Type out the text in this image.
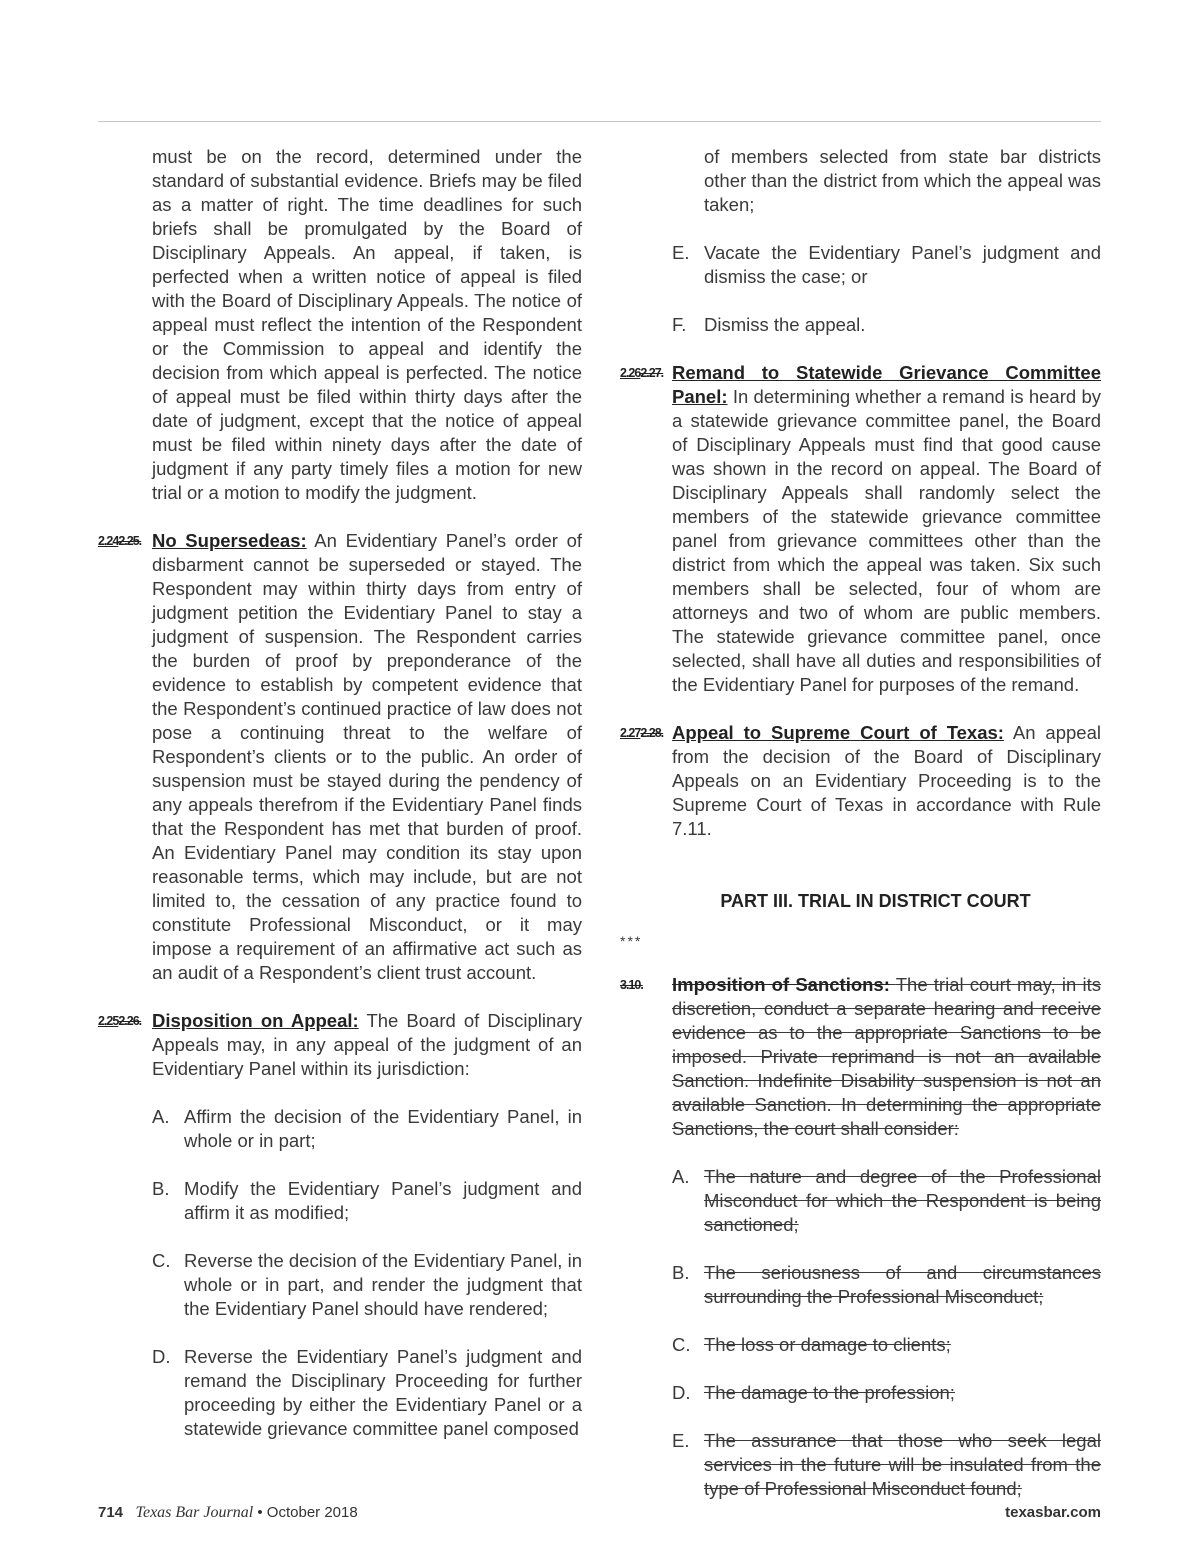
must be on the record, determined under the standard of substantial evidence. Briefs may be filed as a matter of right. The time deadlines for such briefs shall be promulgated by the Board of Disciplinary Appeals. An appeal, if taken, is perfected when a written notice of appeal is filed with the Board of Disciplinary Appeals. The notice of appeal must reflect the intention of the Respondent or the Commission to appeal and identify the decision from which appeal is perfected. The notice of appeal must be filed within thirty days after the date of judgment, except that the notice of appeal must be filed within ninety days after the date of judgment if any party timely files a motion for new trial or a motion to modify the judgment.

2.242.25. No Supersedeas: An Evidentiary Panel’s order of disbarment cannot be superseded or stayed. The Respondent may within thirty days from entry of judgment petition the Evidentiary Panel to stay a judgment of suspension. The Respondent carries the burden of proof by preponderance of the evidence to establish by competent evidence that the Respondent’s continued practice of law does not pose a continuing threat to the welfare of Respondent’s clients or to the public. An order of suspension must be stayed during the pendency of any appeals therefrom if the Evidentiary Panel finds that the Respondent has met that burden of proof. An Evidentiary Panel may condition its stay upon reasonable terms, which may include, but are not limited to, the cessation of any practice found to constitute Professional Misconduct, or it may impose a requirement of an affirmative act such as an audit of a Respondent’s client trust account.

2.252.26. Disposition on Appeal: The Board of Disciplinary Appeals may, in any appeal of the judgment of an Evidentiary Panel within its jurisdiction:

A. Affirm the decision of the Evidentiary Panel, in whole or in part;
B. Modify the Evidentiary Panel’s judgment and affirm it as modified;
C. Reverse the decision of the Evidentiary Panel, in whole or in part, and render the judgment that the Evidentiary Panel should have rendered;
D. Reverse the Evidentiary Panel’s judgment and remand the Disciplinary Proceeding for further proceeding by either the Evidentiary Panel or a statewide grievance committee panel composed
of members selected from state bar districts other than the district from which the appeal was taken;
E. Vacate the Evidentiary Panel’s judgment and dismiss the case; or
F. Dismiss the appeal.
2.262.27. Remand to Statewide Grievance Committee Panel: In determining whether a remand is heard by a statewide grievance committee panel, the Board of Disciplinary Appeals must find that good cause was shown in the record on appeal. The Board of Disciplinary Appeals shall randomly select the members of the statewide grievance committee panel from grievance committees other than the district from which the appeal was taken. Six such members shall be selected, four of whom are attorneys and two of whom are public members. The statewide grievance committee panel, once selected, shall have all duties and responsibilities of the Evidentiary Panel for purposes of the remand.

2.272.28. Appeal to Supreme Court of Texas: An appeal from the decision of the Board of Disciplinary Appeals on an Evidentiary Proceeding is to the Supreme Court of Texas in accordance with Rule 7.11.

PART III. TRIAL IN DISTRICT COURT
***
3.10. Imposition of Sanctions: The trial court may, in its discretion, conduct a separate hearing and receive evidence as to the appropriate Sanctions to be imposed. Private reprimand is not an available Sanction. Indefinite Disability suspension is not an available Sanction. In determining the appropriate Sanctions, the court shall consider:

A. The nature and degree of the Professional Misconduct for which the Respondent is being sanctioned;
B. The seriousness of and circumstances surrounding the Professional Misconduct;
C. The loss or damage to clients;
D. The damage to the profession;
E. The assurance that those who seek legal services in the future will be insulated from the type of Professional Misconduct found;
714 Texas Bar Journal • October 2018	texasbar.com
